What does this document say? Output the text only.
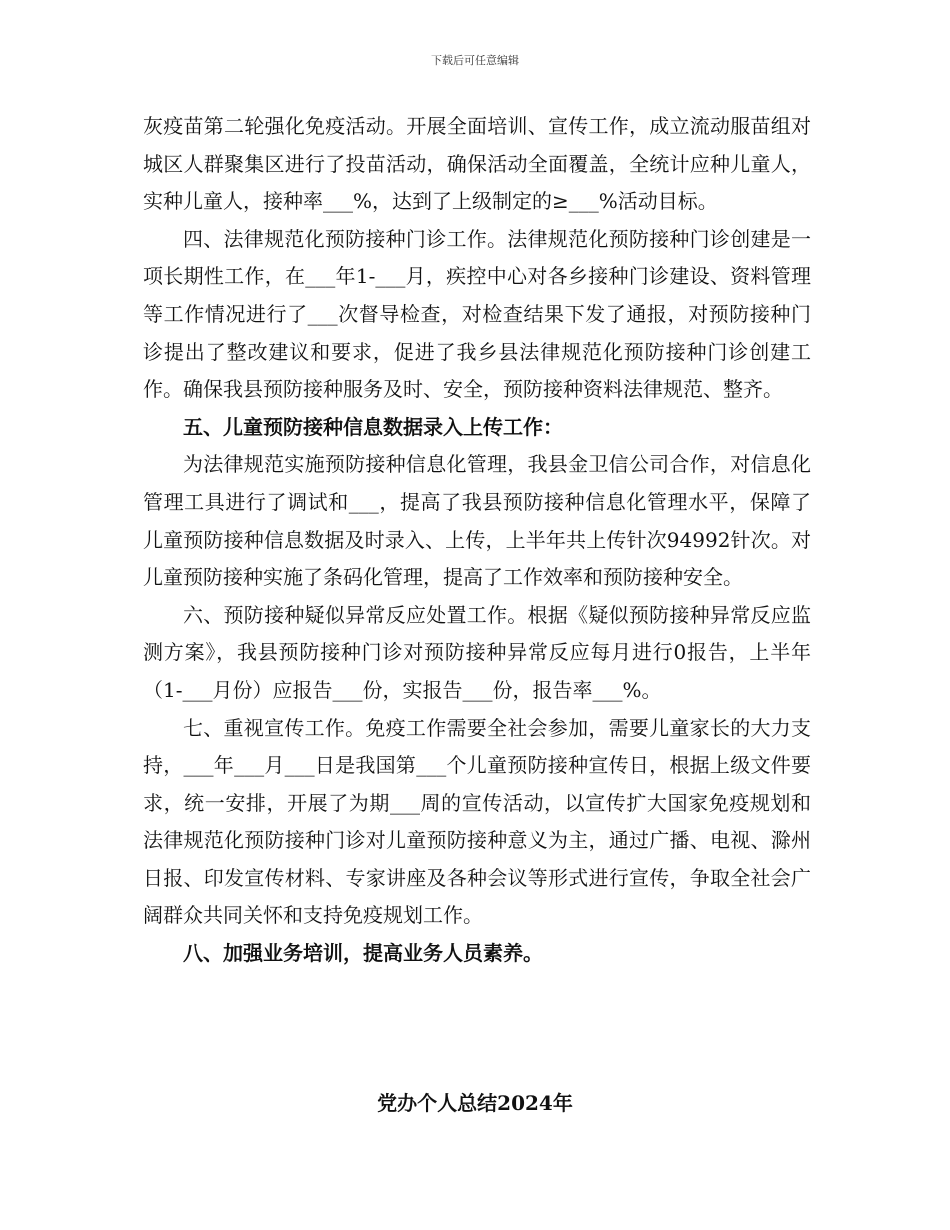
下载后可任意编辑

灰疫苗第二轮强化免疫活动。开展全面培训、宣传工作，成立流动服苗组对城区人群聚集区进行了投苗活动，确保活动全面覆盖，全统计应种儿童人，实种儿童人，接种率___%，达到了上级制定的≥___%活动目标。

四、法律规范化预防接种门诊工作。法律规范化预防接种门诊创建是一项长期性工作，在___年1-___月，疾控中心对各乡接种门诊建设、资料管理等工作情况进行了___次督导检查，对检查结果下发了通报，对预防接种门诊提出了整改建议和要求，促进了我乡县法律规范化预防接种门诊创建工作。确保我县预防接种服务及时、安全，预防接种资料法律规范、整齐。

五、儿童预防接种信息数据录入上传工作：

为法律规范实施预防接种信息化管理，我县金卫信公司合作，对信息化管理工具进行了调试和___，提高了我县预防接种信息化管理水平，保障了儿童预防接种信息数据及时录入、上传，上半年共上传针次94992针次。对儿童预防接种实施了条码化管理，提高了工作效率和预防接种安全。

六、预防接种疑似异常反应处置工作。根据《疑似预防接种异常反应监测方案》，我县预防接种门诊对预防接种异常反应每月进行0报告，上半年（1-___月份）应报告___份，实报告___份，报告率___%。

七、重视宣传工作。免疫工作需要全社会参加，需要儿童家长的大力支持，___年___月___日是我国第___个儿童预防接种宣传日，根据上级文件要求，统一安排，开展了为期___周的宣传活动，以宣传扩大国家免疫规划和法律规范化预防接种门诊对儿童预防接种意义为主，通过广播、电视、滁州日报、印发宣传材料、专家讲座及各种会议等形式进行宣传，争取全社会广阔群众共同关怀和支持免疫规划工作。

八、加强业务培训，提高业务人员素养。

党办个人总结2024年
